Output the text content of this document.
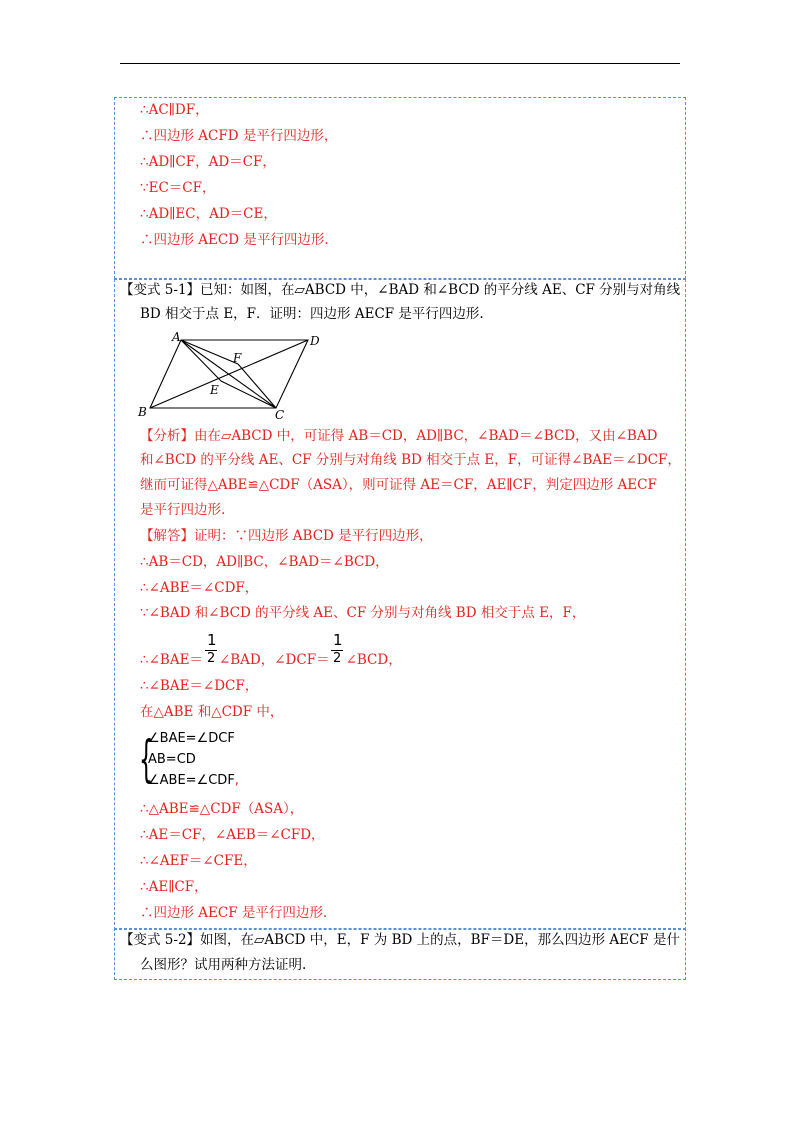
∴AC∥DF，
∴四边形 ACFD 是平行四边形，
∴AD∥CF，AD＝CF，
∵EC＝CF，
∴AD∥EC，AD＝CE，
∴四边形 AECD 是平行四边形.
【变式 5-1】已知：如图，在▱ABCD 中，∠BAD 和∠BCD 的平分线 AE、CF 分别与对角线
BD 相交于点 E，F．证明：四边形 AECF 是平行四边形.
A	D
B	C
F
E
【分析】由在▱ABCD 中，可证得 AB＝CD，AD∥BC，∠BAD＝∠BCD，又由∠BAD
和∠BCD 的平分线 AE、CF 分别与对角线 BD 相交于点 E，F，可证得∠BAE＝∠DCF，
继而可证得△ABE≌△CDF（ASA），则可证得 AE＝CF，AE∥CF，判定四边形 AECF
是平行四边形.
【解答】证明：∵四边形 ABCD 是平行四边形，
∴AB＝CD，AD∥BC，∠BAD＝∠BCD，
∴∠ABE＝∠CDF，
∵∠BAD 和∠BCD 的平分线 AE、CF 分别与对角线 BD 相交于点 E，F，
∴∠BAE＝ ∠BAD，∠DCF＝ ∠BCD，
1
2
1
2
∴∠BAE＝∠DCF，
在△ABE 和△CDF 中，
{
∠BAE=∠DCF
AB=CD
∠ABE=∠CDF,
∴△ABE≌△CDF（ASA），
∴AE＝CF，∠AEB＝∠CFD，
∴∠AEF＝∠CFE，
∴AE∥CF，
∴四边形 AECF 是平行四边形.
【变式 5-2】如图，在▱ABCD 中，E，F 为 BD 上的点，BF＝DE，那么四边形 AECF 是什
么图形？试用两种方法证明.
